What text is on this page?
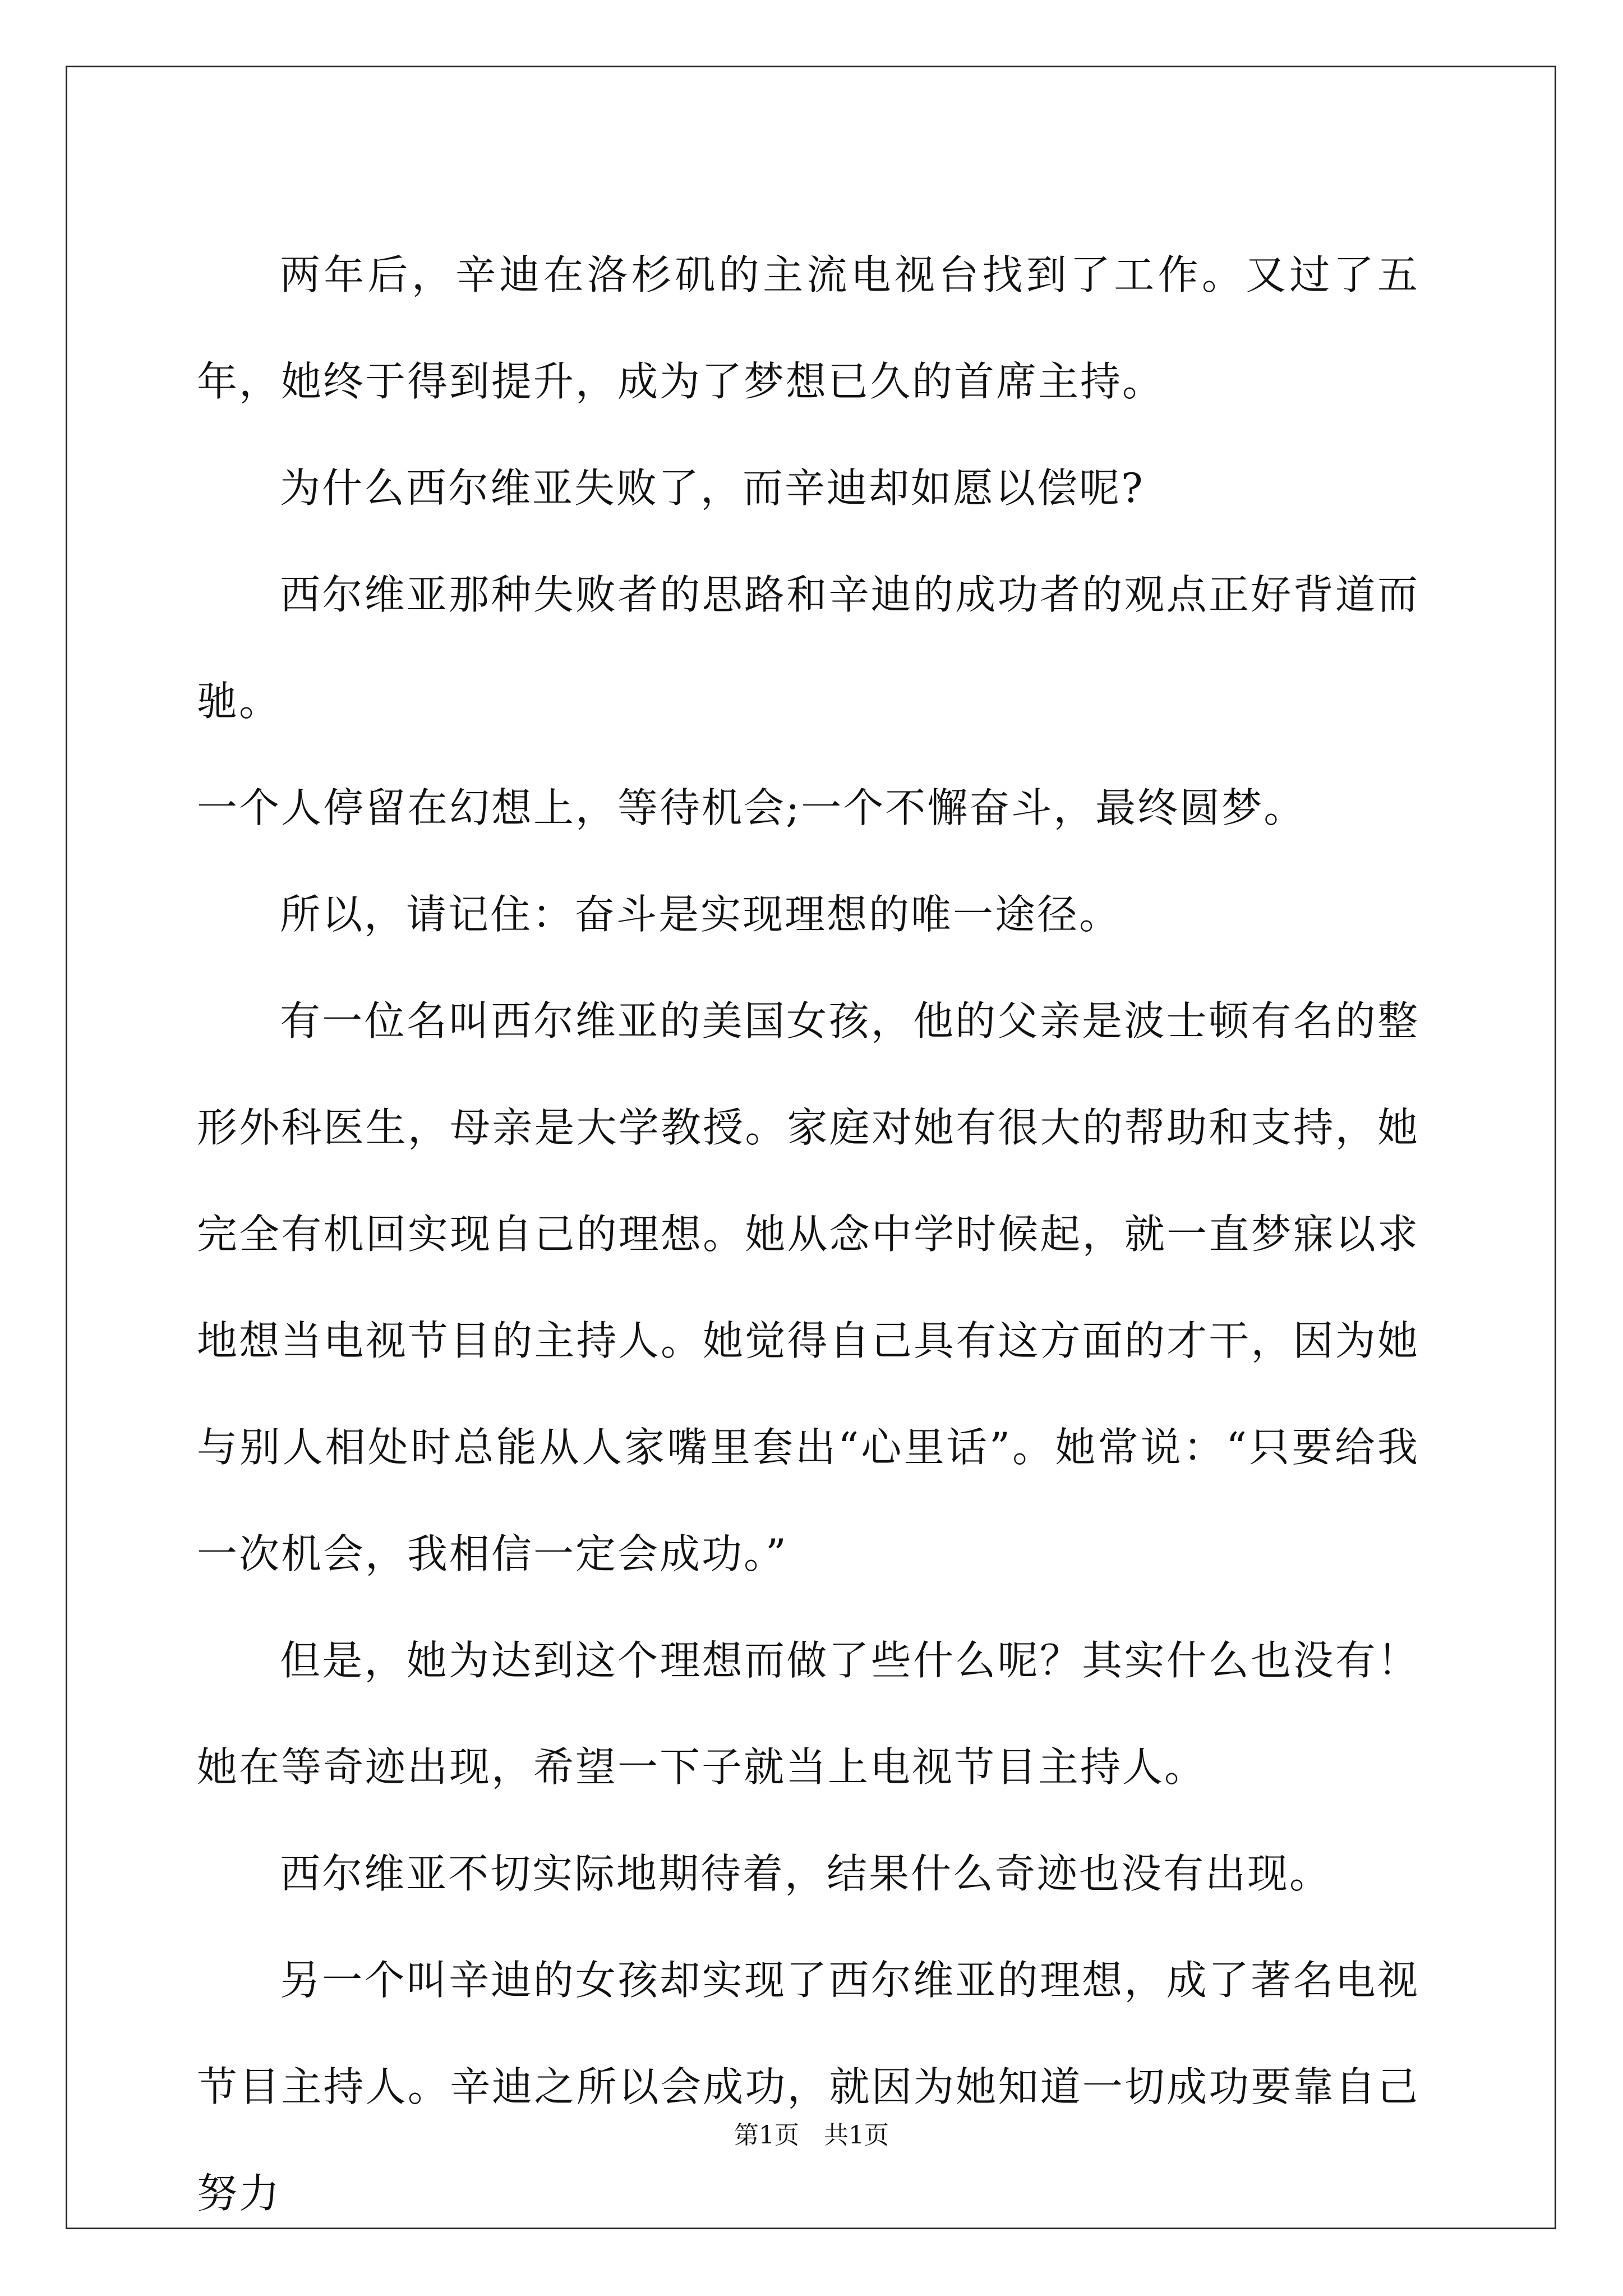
两年后，辛迪在洛杉矶的主流电视台找到了工作。又过了五年，她终于得到提升，成为了梦想已久的首席主持。

为什么西尔维亚失败了，而辛迪却如愿以偿呢?

西尔维亚那种失败者的思路和辛迪的成功者的观点正好背道而驰。

一个人停留在幻想上，等待机会;一个不懈奋斗，最终圆梦。

所以，请记住：奋斗是实现理想的唯一途径。

有一位名叫西尔维亚的美国女孩，他的父亲是波士顿有名的整形外科医生，母亲是大学教授。家庭对她有很大的帮助和支持，她完全有机回实现自己的理想。她从念中学时候起，就一直梦寐以求地想当电视节目的主持人。她觉得自己具有这方面的才干，因为她与别人相处时总能从人家嘴里套出“心里话”。她常说：“只要给我一次机会，我相信一定会成功。”

但是，她为达到这个理想而做了些什么呢？其实什么也没有！她在等奇迹出现，希望一下子就当上电视节目主持人。

西尔维亚不切实际地期待着，结果什么奇迹也没有出现。

另一个叫辛迪的女孩却实现了西尔维亚的理想，成了著名电视节目主持人。辛迪之所以会成功，就因为她知道一切成功要靠自己努力

第1页　共1页
